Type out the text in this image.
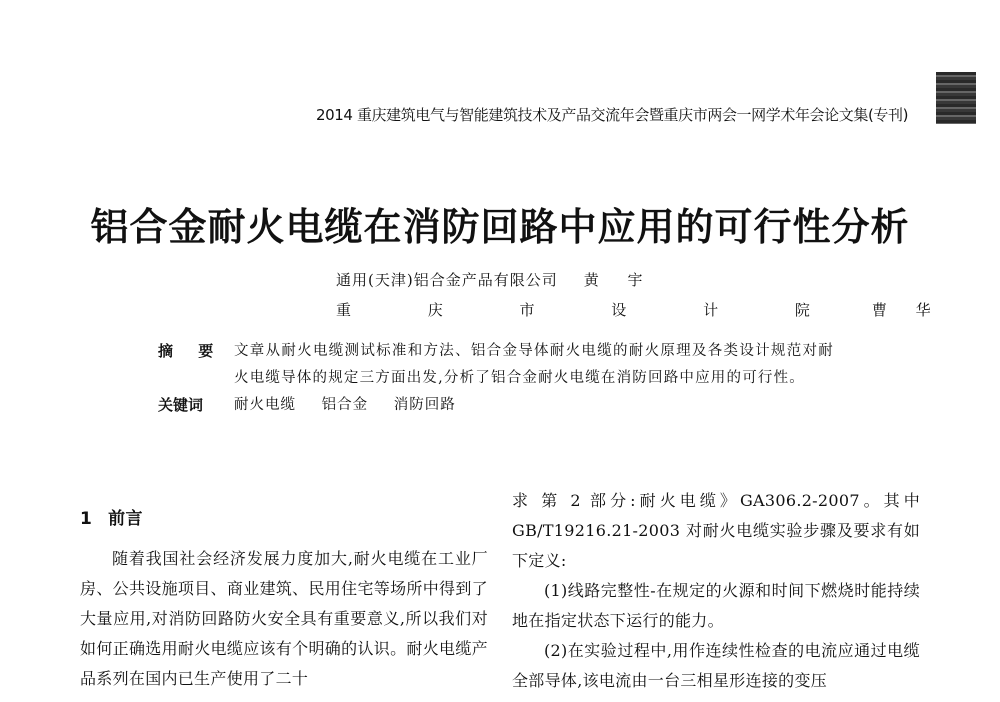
2014 重庆建筑电气与智能建筑技术及产品交流年会暨重庆市两会一网学术年会论文集(专刊)
铝合金耐火电缆在消防回路中应用的可行性分析
通用(天津)铝合金产品有限公司 黄 宇
重 庆 市 设 计 院 曹 华
摘 要 文章从耐火电缆测试标准和方法、铝合金导体耐火电缆的耐火原理及各类设计规范对耐火电缆导体的规定三方面出发,分析了铝合金耐火电缆在消防回路中应用的可行性。
关键词	耐火电缆 铝合金 消防回路
1 前言

随着我国社会经济发展力度加大,耐火电缆在工业厂房、公共设施项目、商业建筑、民用住宅等场所中得到了大量应用,对消防回路防火安全具有重要意义,所以我们对如何正确选用耐火电缆应该有个明确的认识。耐火电缆产品系列在国内已生产使用了二十

求 第 2 部分:耐火电缆》GA306.2-2007。其中 GB/T19216.21-2003 对耐火电缆实验步骤及要求有如下定义:

(1)线路完整性-在规定的火源和时间下燃烧时能持续地在指定状态下运行的能力。

(2)在实验过程中,用作连续性检查的电流应通过电缆全部导体,该电流由一台三相星形连接的变压
